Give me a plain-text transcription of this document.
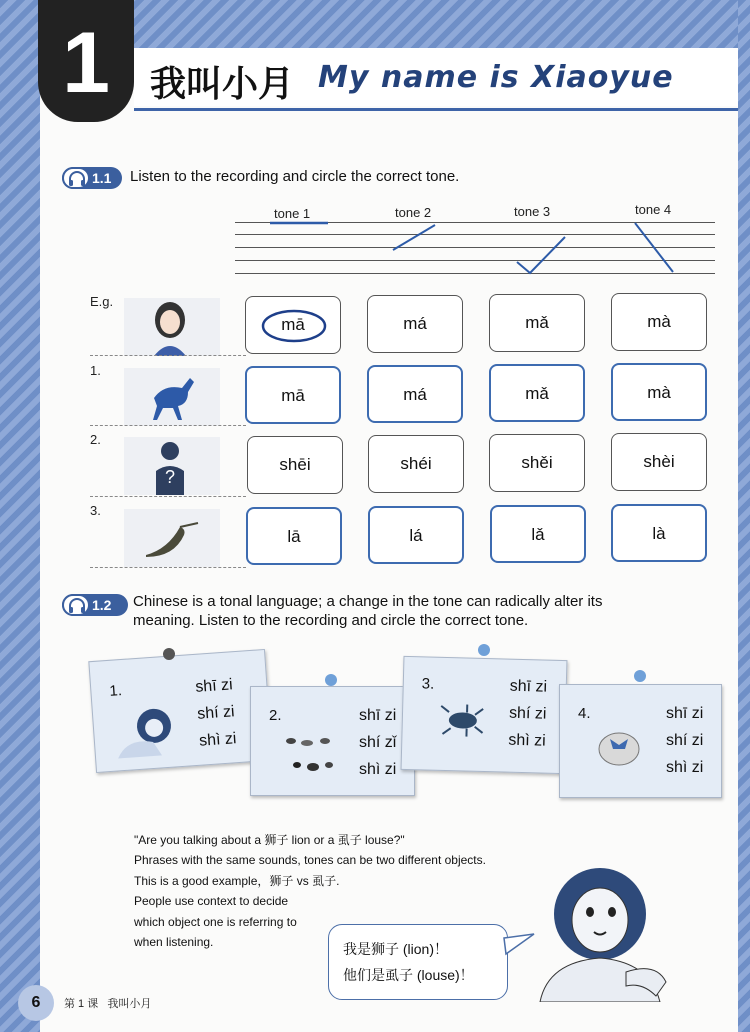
1	我叫小月 My name is Xiaoyue
1.1 Listen to the recording and circle the correct tone.
tone 1	tone 2	tone 3	tone 4
E.g.
mā	má	mǎ	mà
1.
mā	má	mǎ	mà
2.
?
shēi	shéi	shěi	shèi
3.
lā	lá	lǎ	là
1.2 Chinese is a tonal language; a change in the tone can radically alter its
meaning. Listen to the recording and circle the correct tone.
1.	shī zi
shí zi
shì zi
2.	shī zi
shí zǐ
shì zi
3.	shī zi
shí zi
shì zi
4.	shī zi
shí zi
shì zi
"Are you talking about a 狮子 lion or a 虱子 louse?"
Phrases with the same sounds, tones can be two different objects.
This is a good example，狮子 vs 虱子.
People use context to decide
which object one is referring to
when listening.	我是狮子 (lion)！
他们是虱子 (louse)！
6	第 1 课 我叫小月
